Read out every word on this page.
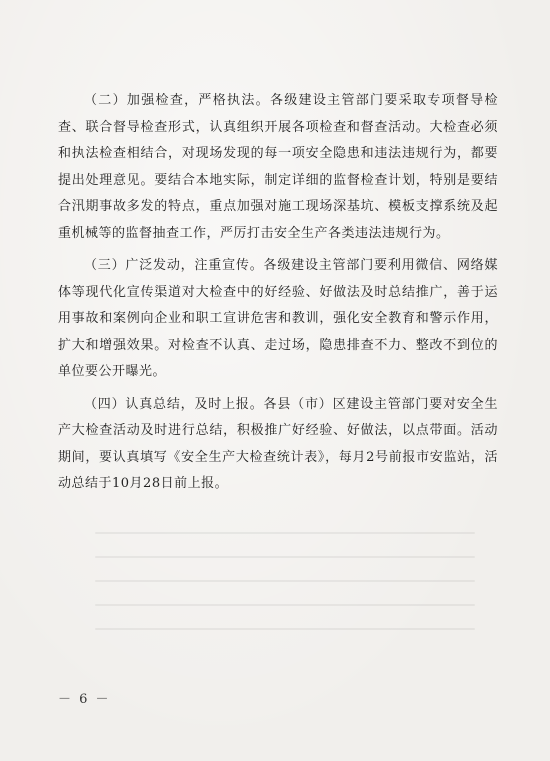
（二）加强检查，严格执法。各级建设主管部门要采取专项督导检查、联合督导检查形式，认真组织开展各项检查和督查活动。大检查必须和执法检查相结合，对现场发现的每一项安全隐患和违法违规行为，都要提出处理意见。要结合本地实际，制定详细的监督检查计划，特别是要结合汛期事故多发的特点，重点加强对施工现场深基坑、模板支撑系统及起重机械等的监督抽查工作，严厉打击安全生产各类违法违规行为。

（三）广泛发动，注重宣传。各级建设主管部门要利用微信、网络媒体等现代化宣传渠道对大检查中的好经验、好做法及时总结推广，善于运用事故和案例向企业和职工宣讲危害和教训，强化安全教育和警示作用，扩大和增强效果。对检查不认真、走过场，隐患排查不力、整改不到位的单位要公开曝光。

（四）认真总结，及时上报。各县（市）区建设主管部门要对安全生产大检查活动及时进行总结，积极推广好经验、好做法，以点带面。活动期间，要认真填写《安全生产大检查统计表》，每月2号前报市安监站，活动总结于10月28日前上报。

－ 6 －
